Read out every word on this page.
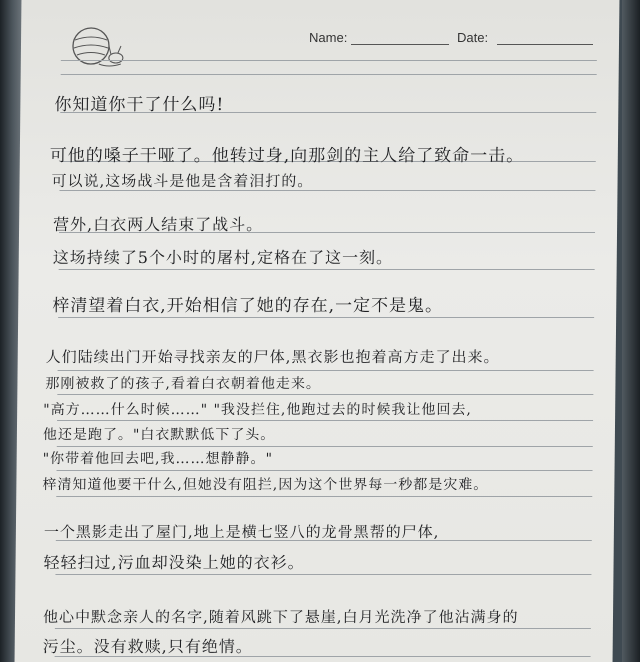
Name:	Date:
你知道你干了什么吗!
可他的嗓子干哑了。他转过身,向那剑的主人给了致命一击。
可以说,这场战斗是他是含着泪打的。
营外,白衣两人结束了战斗。
这场持续了5个小时的屠村,定格在了这一刻。
梓清望着白衣,开始相信了她的存在,一定不是鬼。
人们陆续出门开始寻找亲友的尸体,黑衣影也抱着高方走了出来。
那刚被救了的孩子,看着白衣朝着他走来。
"高方……什么时候……" "我没拦住,他跑过去的时候我让他回去,
他还是跑了。"白衣默默低下了头。
"你带着他回去吧,我……想静静。"
梓清知道他要干什么,但她没有阻拦,因为这个世界每一秒都是灾难。
一个黑影走出了屋门,地上是横七竖八的龙骨黑帮的尸体,
轻轻扫过,污血却没染上她的衣衫。
他心中默念亲人的名字,随着风跳下了悬崖,白月光洗净了他沾满身的
污尘。没有救赎,只有绝情。
